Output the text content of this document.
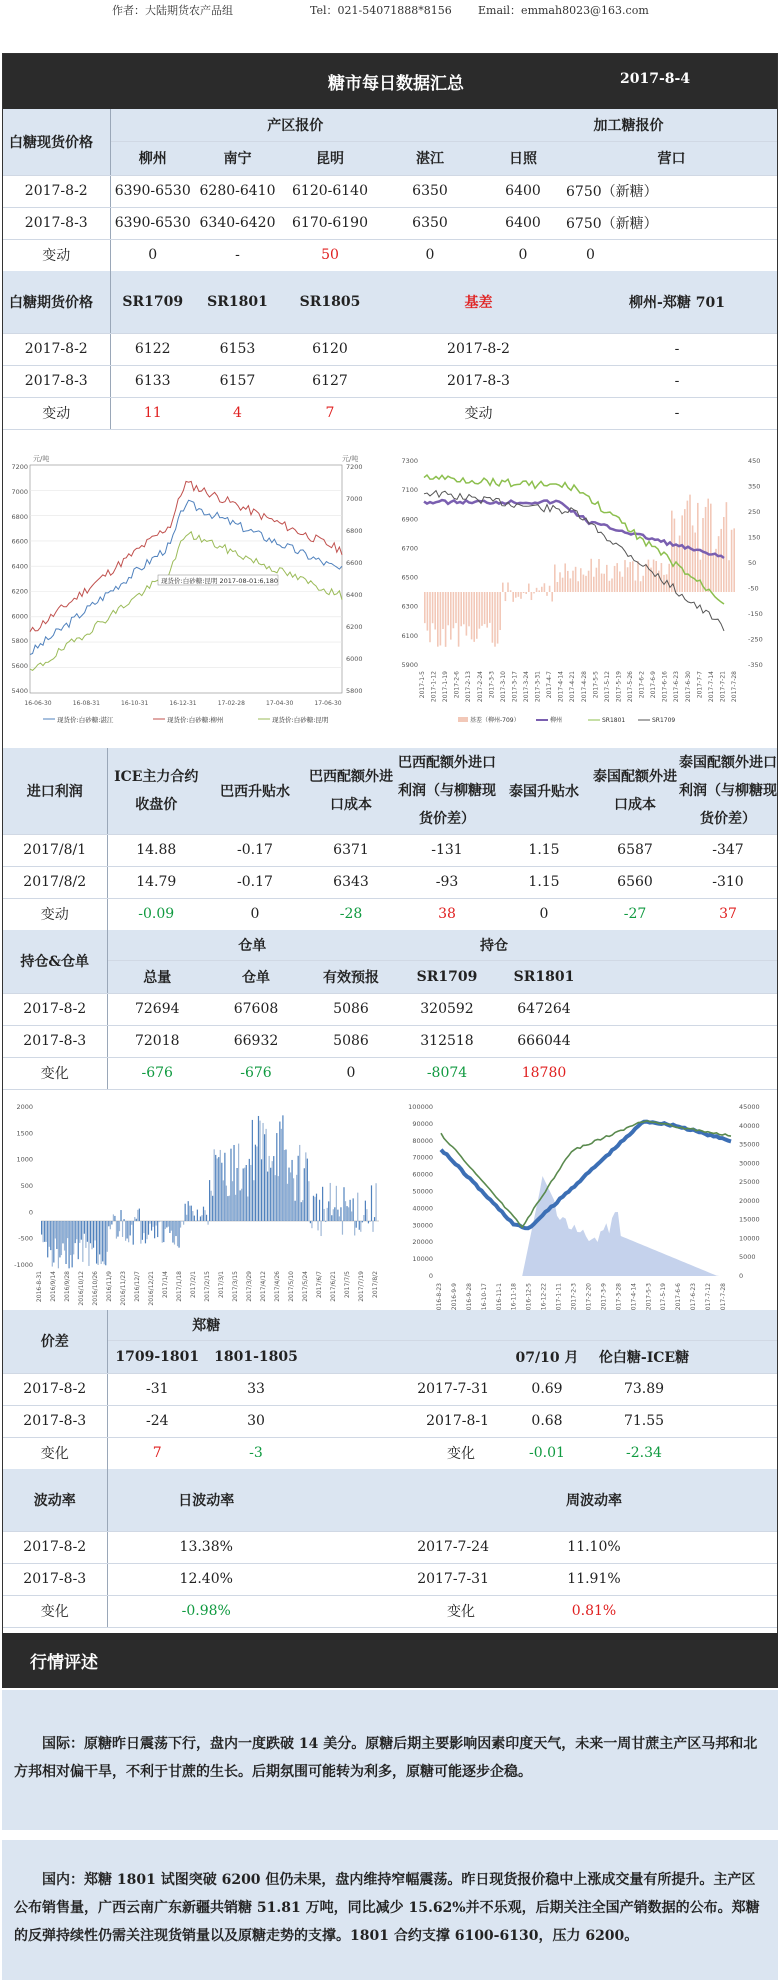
作者：大陆期货农产品组	Tel：021-54071888*8156 Email：emmah8023@163.com
糖市每日数据汇总	2017-8-4
白糖现货价格	产区报价				加工糖报价	
	柳州	南宁	昆明	湛江	日照	营口
2017-8-2	6390-6530	6280-6410	6120-6140	6350	6400	6750（新糖）
2017-8-3	6390-6530	6340-6420	6170-6190	6350	6400	6750（新糖）
变动	0	-	50	0	0	0
白糖期货价格	SR1709	SR1801	SR1805	基差	柳州-郑糖 701
2017-8-2	6122	6153	6120	2017-8-2	-
2017-8-3	6133	6157	6127	2017-8-3	-
变动	11	4	7	变动	-
元/吨	元/吨
7200
7000
6800
6600
6400
6200
6000
5800
5600
5400
7200
7000
6800
6600
6400
6200
6000
5800
现货价:白砂糖:昆明 2017-08-01:6,180
16-06-30	16-08-31	16-10-31	16-12-31	17-02-28	17-04-30	17-06-30
现货价:白砂糖:湛江	现货价:白砂糖:柳州	现货价:白砂糖:昆明
7300
7100
6900
6700
6500
6300
6100
5900
450
350
250
150
50
-50
-150
-250
-350
2017-1-5 2017-1-12 2017-1-19 2017-2-6 2017-2-13 2017-2-24 2017-3-3 2017-3-10 2017-3-17 2017-3-24 2017-3-31 2017-4-7 2017-4-14 2017-4-21 2017-4-28 2017-5-5 2017-5-12 2017-5-19 2017-5-26 2017-6-2 2017-6-9 2017-6-16 2017-6-23 2017-6-30 2017-7-7 2017-7-14 2017-7-21 2017-7-28
基差（柳州-709）	柳州	SR1801	SR1709
进口利润	ICE主力合约收盘价	巴西升贴水	巴西配额外进口成本	巴西配额外进口利润（与柳糖现货价差）	泰国升贴水	泰国配额外进口成本	泰国配额外进口利润（与柳糖现货价差）
2017/8/1	14.88	-0.17	6371	-131	1.15	6587	-347
2017/8/2	14.79	-0.17	6343	-93	1.15	6560	-310
变动	-0.09	0	-28	38	0	-27	37
持仓&仓单	仓单			持仓		
	总量	仓单	有效预报	SR1709	SR1801	
2017-8-2	72694	67608	5086	320592	647264	
2017-8-3	72018	66932	5086	312518	666044	
变化	-676	-676	0	-8074	18780	
2000
1500
1000
500
0
-500
-1000
2016-8-31 2016/9/14 2016/9/28 2016/10/12 2016/10/26 2016/11/9 2016/11/23 2016/12/7 2016/12/21 2017/1/4 2017/1/18 2017/2/1 2017/2/15 2017/3/1 2017/3/15 2017/3/29 2017/4/12 2017/4/26 2017/5/10 2017/5/24 2017/6/7 2017/6/21 2017/7/5 2017/7/19 2017/8/2
巴西配额外进口利润	泰国配额外进口利润
100000
90000
80000
70000
60000
50000
40000
30000
20000
10000
0
45000
40000
35000
30000
25000
20000
15000
10000
5000
0
2016-8-23 2016-9-9 2016-9-28 2016-10-17 2016-11-1 2016-11-18 2016-12-5 2016-12-22 2017-1-11 2017-2-3 2017-2-20 2017-3-9 2017-3-28 2017-4-14 2017-5-3 2017-5-19 2017-6-6 2017-6-23 2017-7-12 2017-7-28
有效预报	总计
价差	郑糖					
	1709-1801	1801-1805		07/10 月	伦白糖-ICE糖	
2017-8-2	-31	33	2017-7-31	0.69	73.89	
2017-8-3	-24	30	2017-8-1	0.68	71.55	
变化	7	-3	变化	-0.01	-2.34	
波动率	日波动率		周波动率	
2017-8-2	13.38%	2017-7-24	11.10%	
2017-8-3	12.40%	2017-7-31	11.91%	
变化	-0.98%	变化	0.81%	
行情评述

国际：原糖昨日震荡下行，盘内一度跌破 14 美分。原糖后期主要影响因素印度天气，未来一周甘蔗主产区马邦和北方邦相对偏干旱，不利于甘蔗的生长。后期氛围可能转为利多，原糖可能逐步企稳。

国内：郑糖 1801 试图突破 6200 但仍未果，盘内维持窄幅震荡。昨日现货报价稳中上涨成交量有所提升。主产区公布销售量，广西云南广东新疆共销糖 51.81 万吨，同比减少 15.62%并不乐观，后期关注全国产销数据的公布。郑糖的反弹持续性仍需关注现货销量以及原糖走势的支撑。1801 合约支撑 6100-6130，压力 6200。
